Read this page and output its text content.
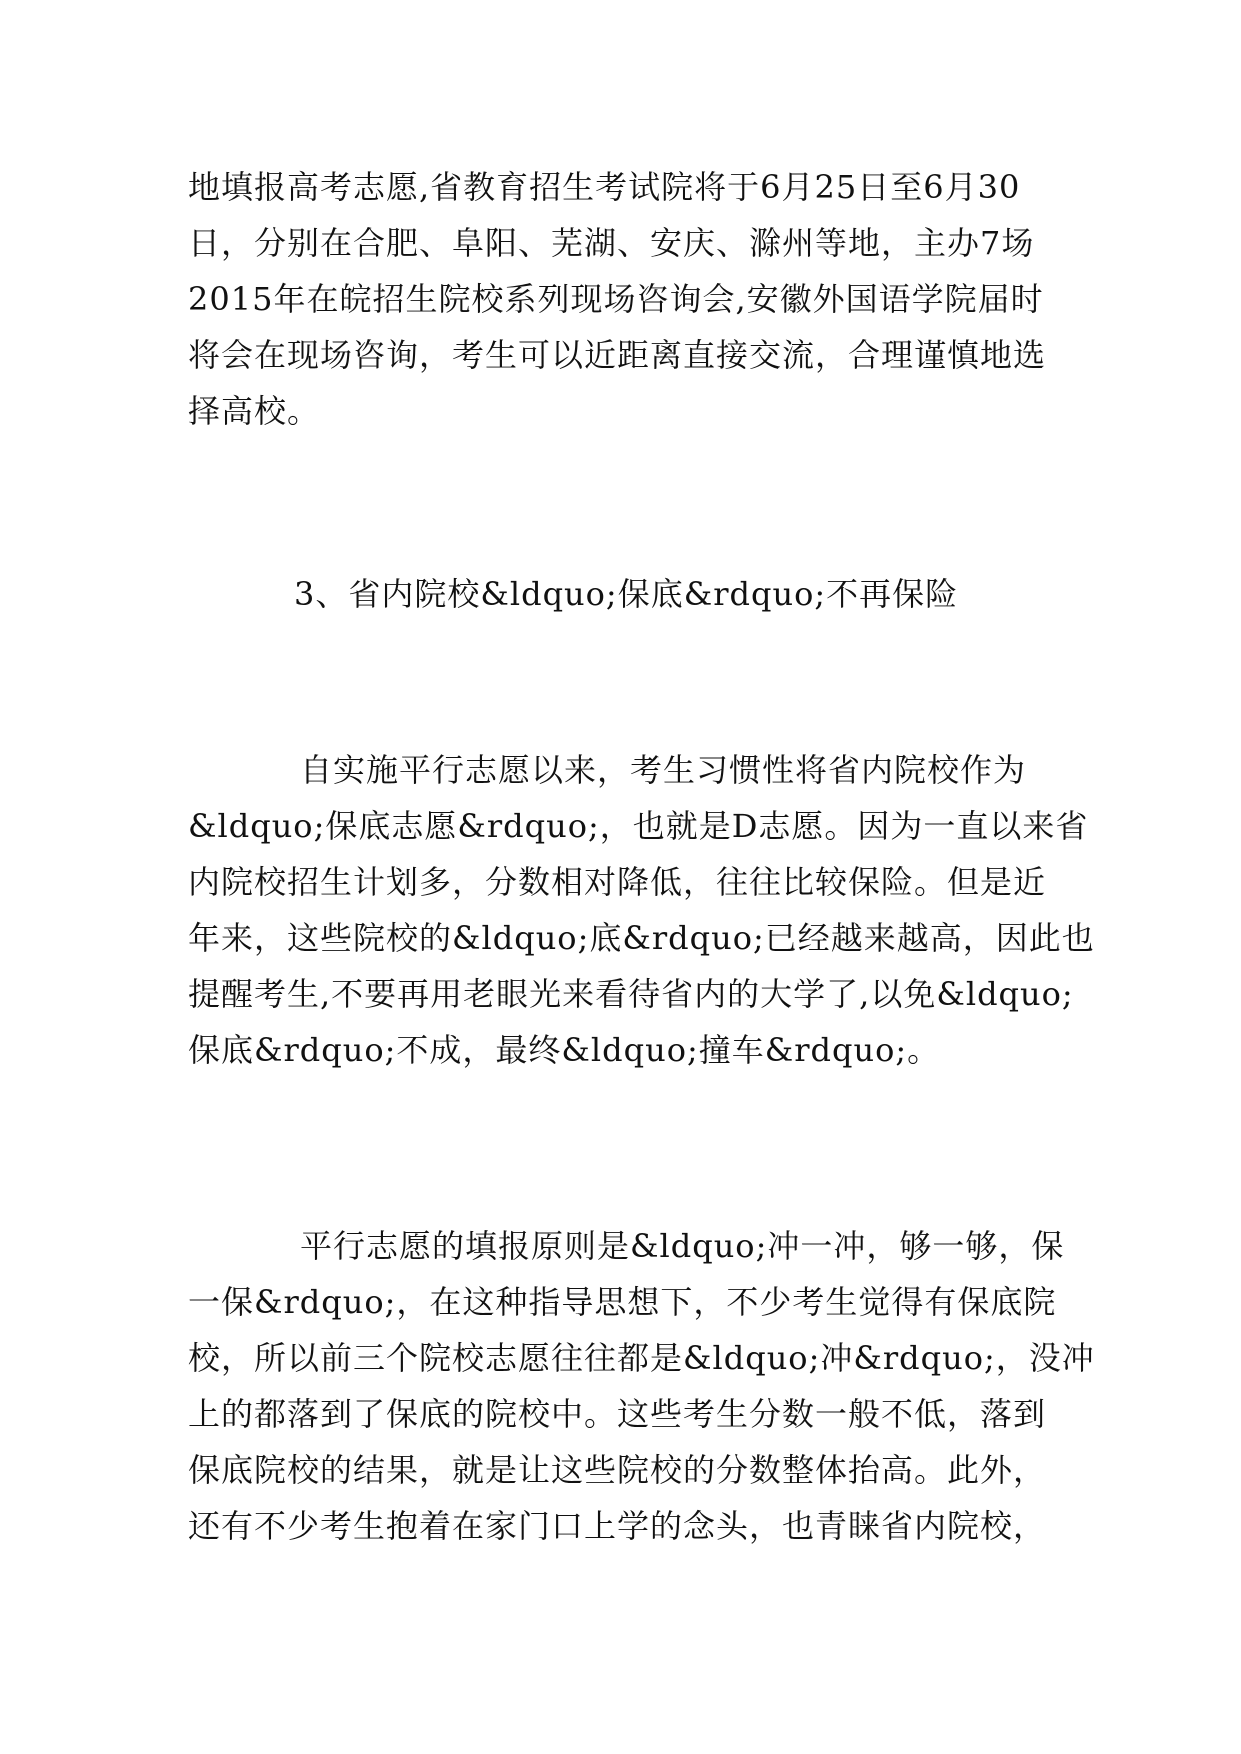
地填报高考志愿,省教育招生考试院将于6月25日至6月30
日，分别在合肥、阜阳、芜湖、安庆、滁州等地，主办7场
2015年在皖招生院校系列现场咨询会,安徽外国语学院届时
将会在现场咨询，考生可以近距离直接交流，合理谨慎地选
择高校。
3、省内院校&ldquo;保底&rdquo;不再保险
自实施平行志愿以来，考生习惯性将省内院校作为
&ldquo;保底志愿&rdquo;，也就是D志愿。因为一直以来省
内院校招生计划多，分数相对降低，往往比较保险。但是近
年来，这些院校的&ldquo;底&rdquo;已经越来越高，因此也
提醒考生,不要再用老眼光来看待省内的大学了,以免&ldquo;
保底&rdquo;不成，最终&ldquo;撞车&rdquo;。
平行志愿的填报原则是&ldquo;冲一冲，够一够，保
一保&rdquo;，在这种指导思想下，不少考生觉得有保底院
校，所以前三个院校志愿往往都是&ldquo;冲&rdquo;，没冲
上的都落到了保底的院校中。这些考生分数一般不低，落到
保底院校的结果，就是让这些院校的分数整体抬高。此外，
还有不少考生抱着在家门口上学的念头，也青睐省内院校，
